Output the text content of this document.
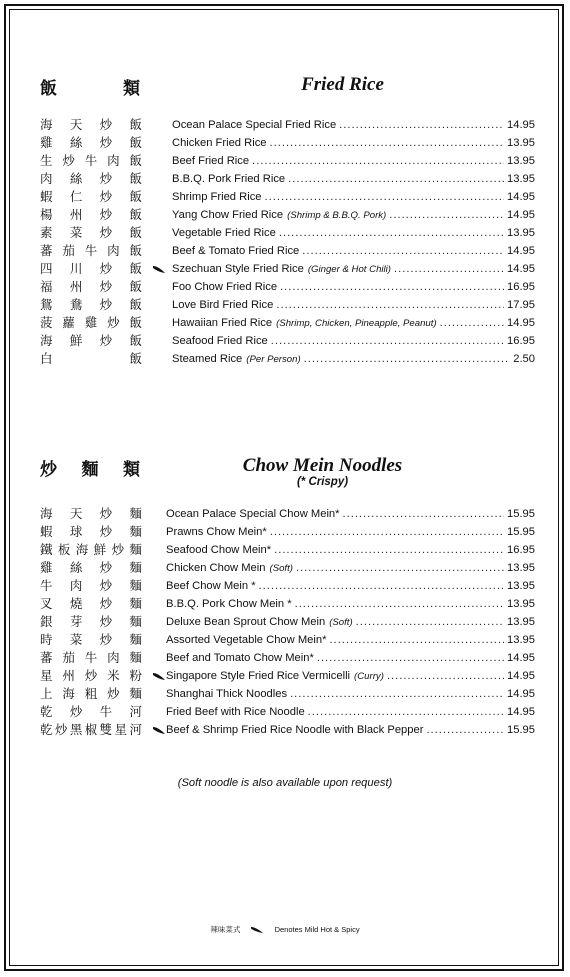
飯	類	Fried Rice
海 天 炒 飯	Ocean Palace Special Fried Rice .....	14.95
雞 絲 炒 飯	Chicken Fried Rice .....	13.95
生 炒 牛 肉 飯	Beef Fried Rice .....	13.95
肉 絲 炒 飯	B.B.Q. Pork Fried Rice .....	13.95
蝦 仁 炒 飯	Shrimp Fried Rice .....	14.95
楊 州 炒 飯	Yang Chow Fried Rice (Shrimp & B.B.Q. Pork) .....	14.95
素 菜 炒 飯	Vegetable Fried Rice .....	13.95
蕃 茄 牛 肉 飯	Beef & Tomato Fried Rice .....	14.95
四 川 炒 飯	Szechuan Style Fried Rice (Ginger & Hot Chili) .....	14.95
福 州 炒 飯	Foo Chow Fried Rice .....	16.95
鴛 鴦 炒 飯	Love Bird Fried Rice .....	17.95
菠 蘿 雞 炒 飯	Hawaiian Fried Rice (Shrimp, Chicken, Pineapple, Peanut) .....	14.95
海 鮮 炒 飯	Seafood Fried Rice .....	16.95
白	飯	Steamed Rice (Per Person) .....	2.50
炒 麵 類	Chow Mein Noodles
(* Crispy)
海 天 炒 麵 Ocean Palace Special Chow Mein* .....	15.95
蝦 球 炒 麵 Prawns Chow Mein* .....	15.95
鐵 板 海 鮮 炒 麵 Seafood Chow Mein* .....	16.95
雞 絲 炒 麵 Chicken Chow Mein (Soft) .....	13.95
牛 肉 炒 麵 Beef Chow Mein * .....	13.95
叉 燒 炒 麵 B.B.Q. Pork Chow Mein * .....	13.95
銀 芽 炒 麵 Deluxe Bean Sprout Chow Mein (Soft) .....	13.95
時 菜 炒 麵 Assorted Vegetable Chow Mein* .....	13.95
蕃 茄 牛 肉 麵 Beef and Tomato Chow Mein* .....	14.95
星 州 炒 米 粉 Singapore Style Fried Rice Vermicelli (Curry) .....	14.95
上 海 粗 炒 麵 Shanghai Thick Noodles .....	14.95
乾 炒 牛 河 Fried Beef with Rice Noodle .....	14.95
乾 炒 黑 椒 雙 星 河 Beef & Shrimp Fried Rice Noodle with Black Pepper .....	15.95
(Soft noodle is also available upon request)
辣味菜式	Denotes Mild Hot & Spicy
